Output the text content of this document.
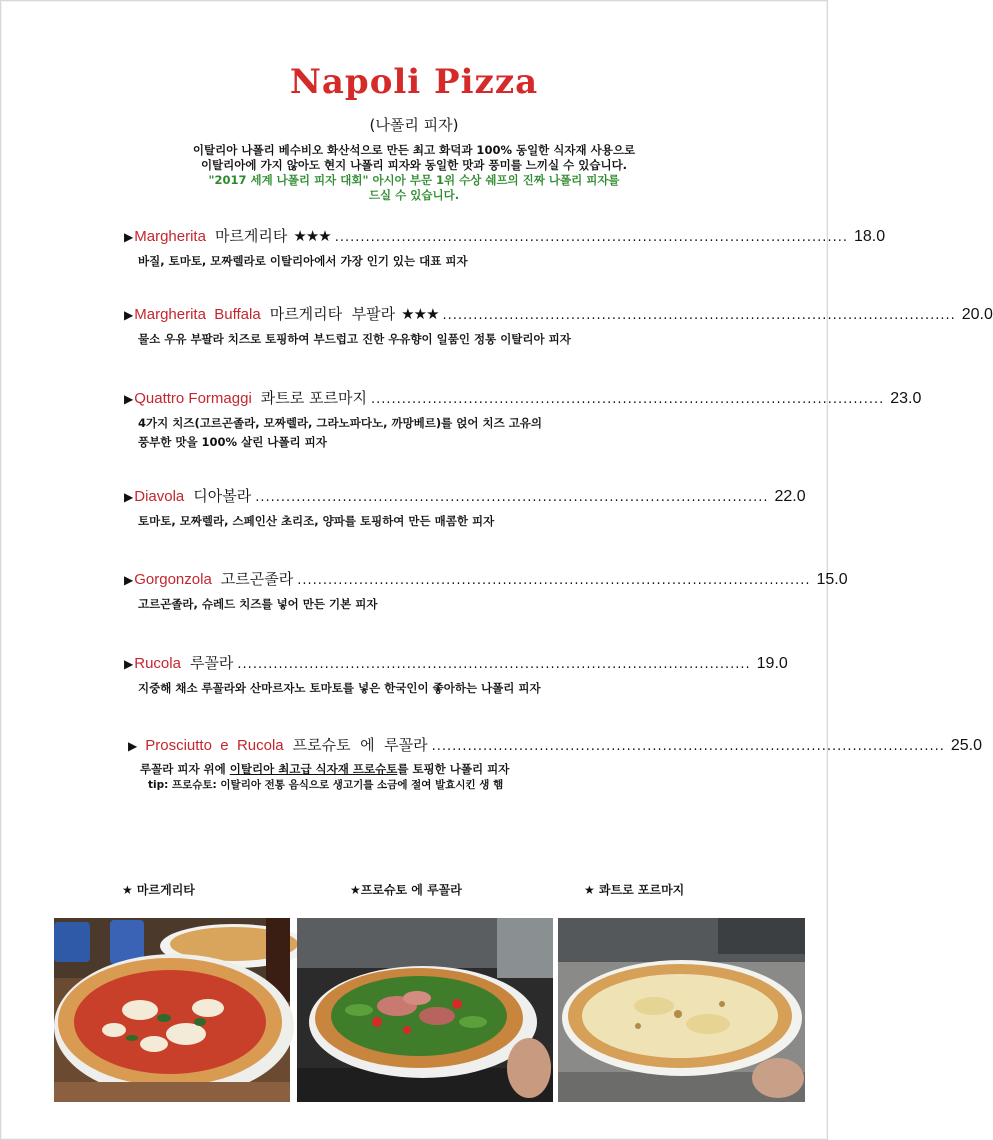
Napoli Pizza
(나폴리 피자)
이탈리아 나폴리 베수비오 화산석으로 만든 최고 화덕과 100% 동일한 식자재 사용으로
이탈리아에 가지 않아도 현지 나폴리 피자와 동일한 맛과 풍미를 느끼실 수 있습니다.
"2017 세계 나폴리 피자 대회" 아시아 부문 1위 수상 쉐프의 진짜 나폴리 피자를
드실 수 있습니다.
▶ Margherita 마르게리타 ★★★ .................................................................................................... 18.0
바질, 토마토, 모짜렐라로 이탈리아에서 가장 인기 있는 대표 피자
▶ Margherita  Buffala 마르게리타  부팔라 ★★★ .................................................................................................... 20.0
물소 우유 부팔라 치즈로 토핑하여 부드럽고 진한 우유향이 일품인 정통 이탈리아 피자
▶ Quattro Formaggi 콰트로 포르마지 .................................................................................................... 23.0
4가지 치즈(고르곤졸라, 모짜렐라, 그라노파다노, 까망베르)를 얹어 치즈 고유의
풍부한 맛을 100% 살린 나폴리 피자
▶ Diavola 디아볼라 .................................................................................................... 22.0
토마토, 모짜렐라, 스페인산 초리조, 양파를 토핑하여 만든 매콤한 피자
▶ Gorgonzola 고르곤졸라 .................................................................................................... 15.0
고르곤졸라, 슈레드 치즈를 넣어 만든 기본 피자
▶ Rucola 루꼴라 .................................................................................................... 19.0
지중해 채소 루꼴라와 산마르자노 토마토를 넣은 한국인이 좋아하는 나폴리 피자
▶ Prosciutto  e  Rucola 프로슈토  에  루꼴라 .................................................................................................... 25.0
루꼴라 피자 위에 이탈리아 최고급 식자재 프로슈토를 토핑한 나폴리 피자
tip: 프로슈토: 이탈리아 전통 음식으로 생고기를 소금에 절여 발효시킨 생 햄
★ 마르게리타	★프로슈토 에 루꼴라	★ 콰트로 포르마지
